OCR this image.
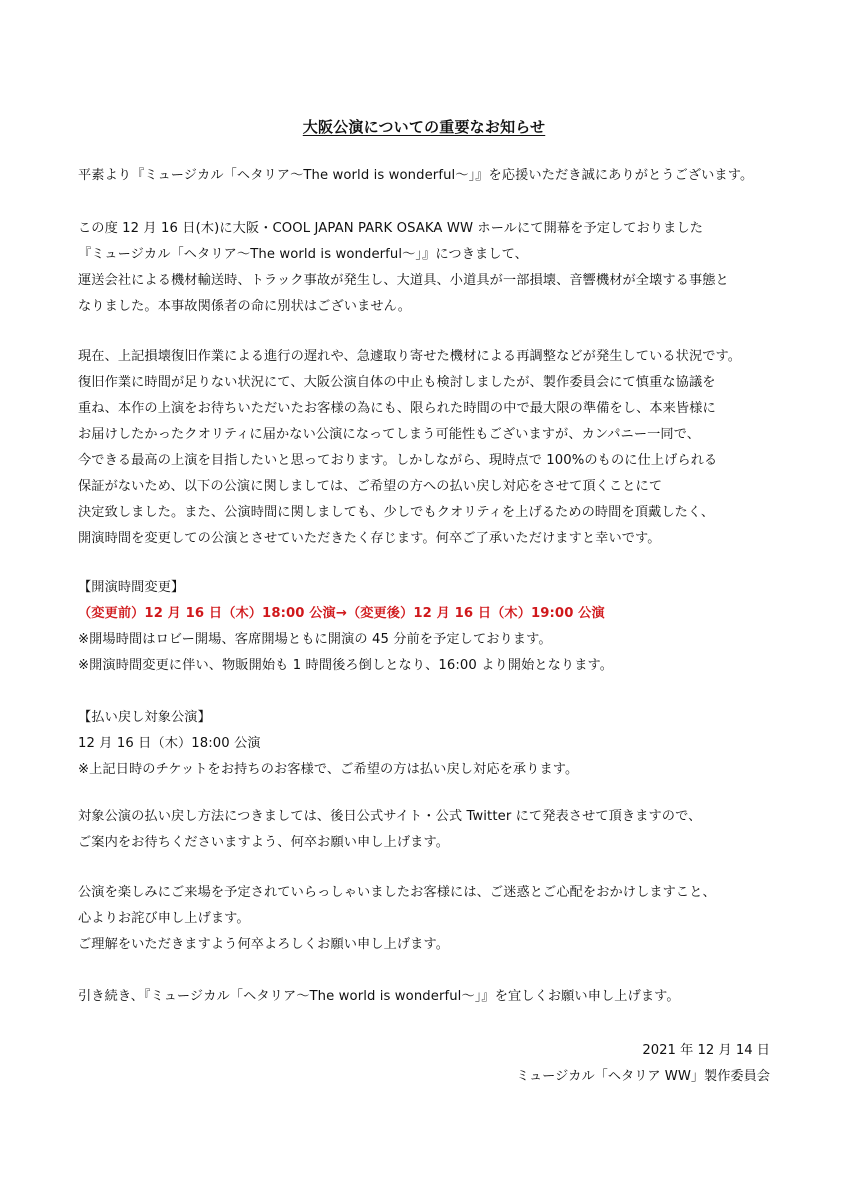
大阪公演についての重要なお知らせ
平素より『ミュージカル「ヘタリア～The world is wonderful～」』を応援いただき誠にありがとうございます。
この度 12 月 16 日(木)に大阪・COOL JAPAN PARK OSAKA WW ホールにて開幕を予定しておりました
『ミュージカル「ヘタリア～The world is wonderful～」』につきまして、
運送会社による機材輸送時、トラック事故が発生し、大道具、小道具が一部損壊、音響機材が全壊する事態と
なりました。本事故関係者の命に別状はございません。
現在、上記損壊復旧作業による進行の遅れや、急遽取り寄せた機材による再調整などが発生している状況です。
復旧作業に時間が足りない状況にて、大阪公演自体の中止も検討しましたが、製作委員会にて慎重な協議を
重ね、本作の上演をお待ちいただいたお客様の為にも、限られた時間の中で最大限の準備をし、本来皆様に
お届けしたかったクオリティに届かない公演になってしまう可能性もございますが、カンパニー一同で、
今できる最高の上演を目指したいと思っております。しかしながら、現時点で 100%のものに仕上げられる
保証がないため、以下の公演に関しましては、ご希望の方への払い戻し対応をさせて頂くことにて
決定致しました。また、公演時間に関しましても、少しでもクオリティを上げるための時間を頂戴したく、
開演時間を変更しての公演とさせていただきたく存じます。何卒ご了承いただけますと幸いです。
【開演時間変更】
（変更前）12 月 16 日（木）18:00 公演→（変更後）12 月 16 日（木）19:00 公演
※開場時間はロビー開場、客席開場ともに開演の 45 分前を予定しております。
※開演時間変更に伴い、物販開始も 1 時間後ろ倒しとなり、16:00 より開始となります。
【払い戻し対象公演】
12 月 16 日（木）18:00 公演
※上記日時のチケットをお持ちのお客様で、ご希望の方は払い戻し対応を承ります。
対象公演の払い戻し方法につきましては、後日公式サイト・公式 Twitter にて発表させて頂きますので、
ご案内をお待ちくださいますよう、何卒お願い申し上げます。
公演を楽しみにご来場を予定されていらっしゃいましたお客様には、ご迷惑とご心配をおかけしますこと、
心よりお詫び申し上げます。
ご理解をいただきますよう何卒よろしくお願い申し上げます。
引き続き、『ミュージカル「ヘタリア～The world is wonderful～」』を宜しくお願い申し上げます。
2021 年 12 月 14 日
ミュージカル「ヘタリア WW」製作委員会
